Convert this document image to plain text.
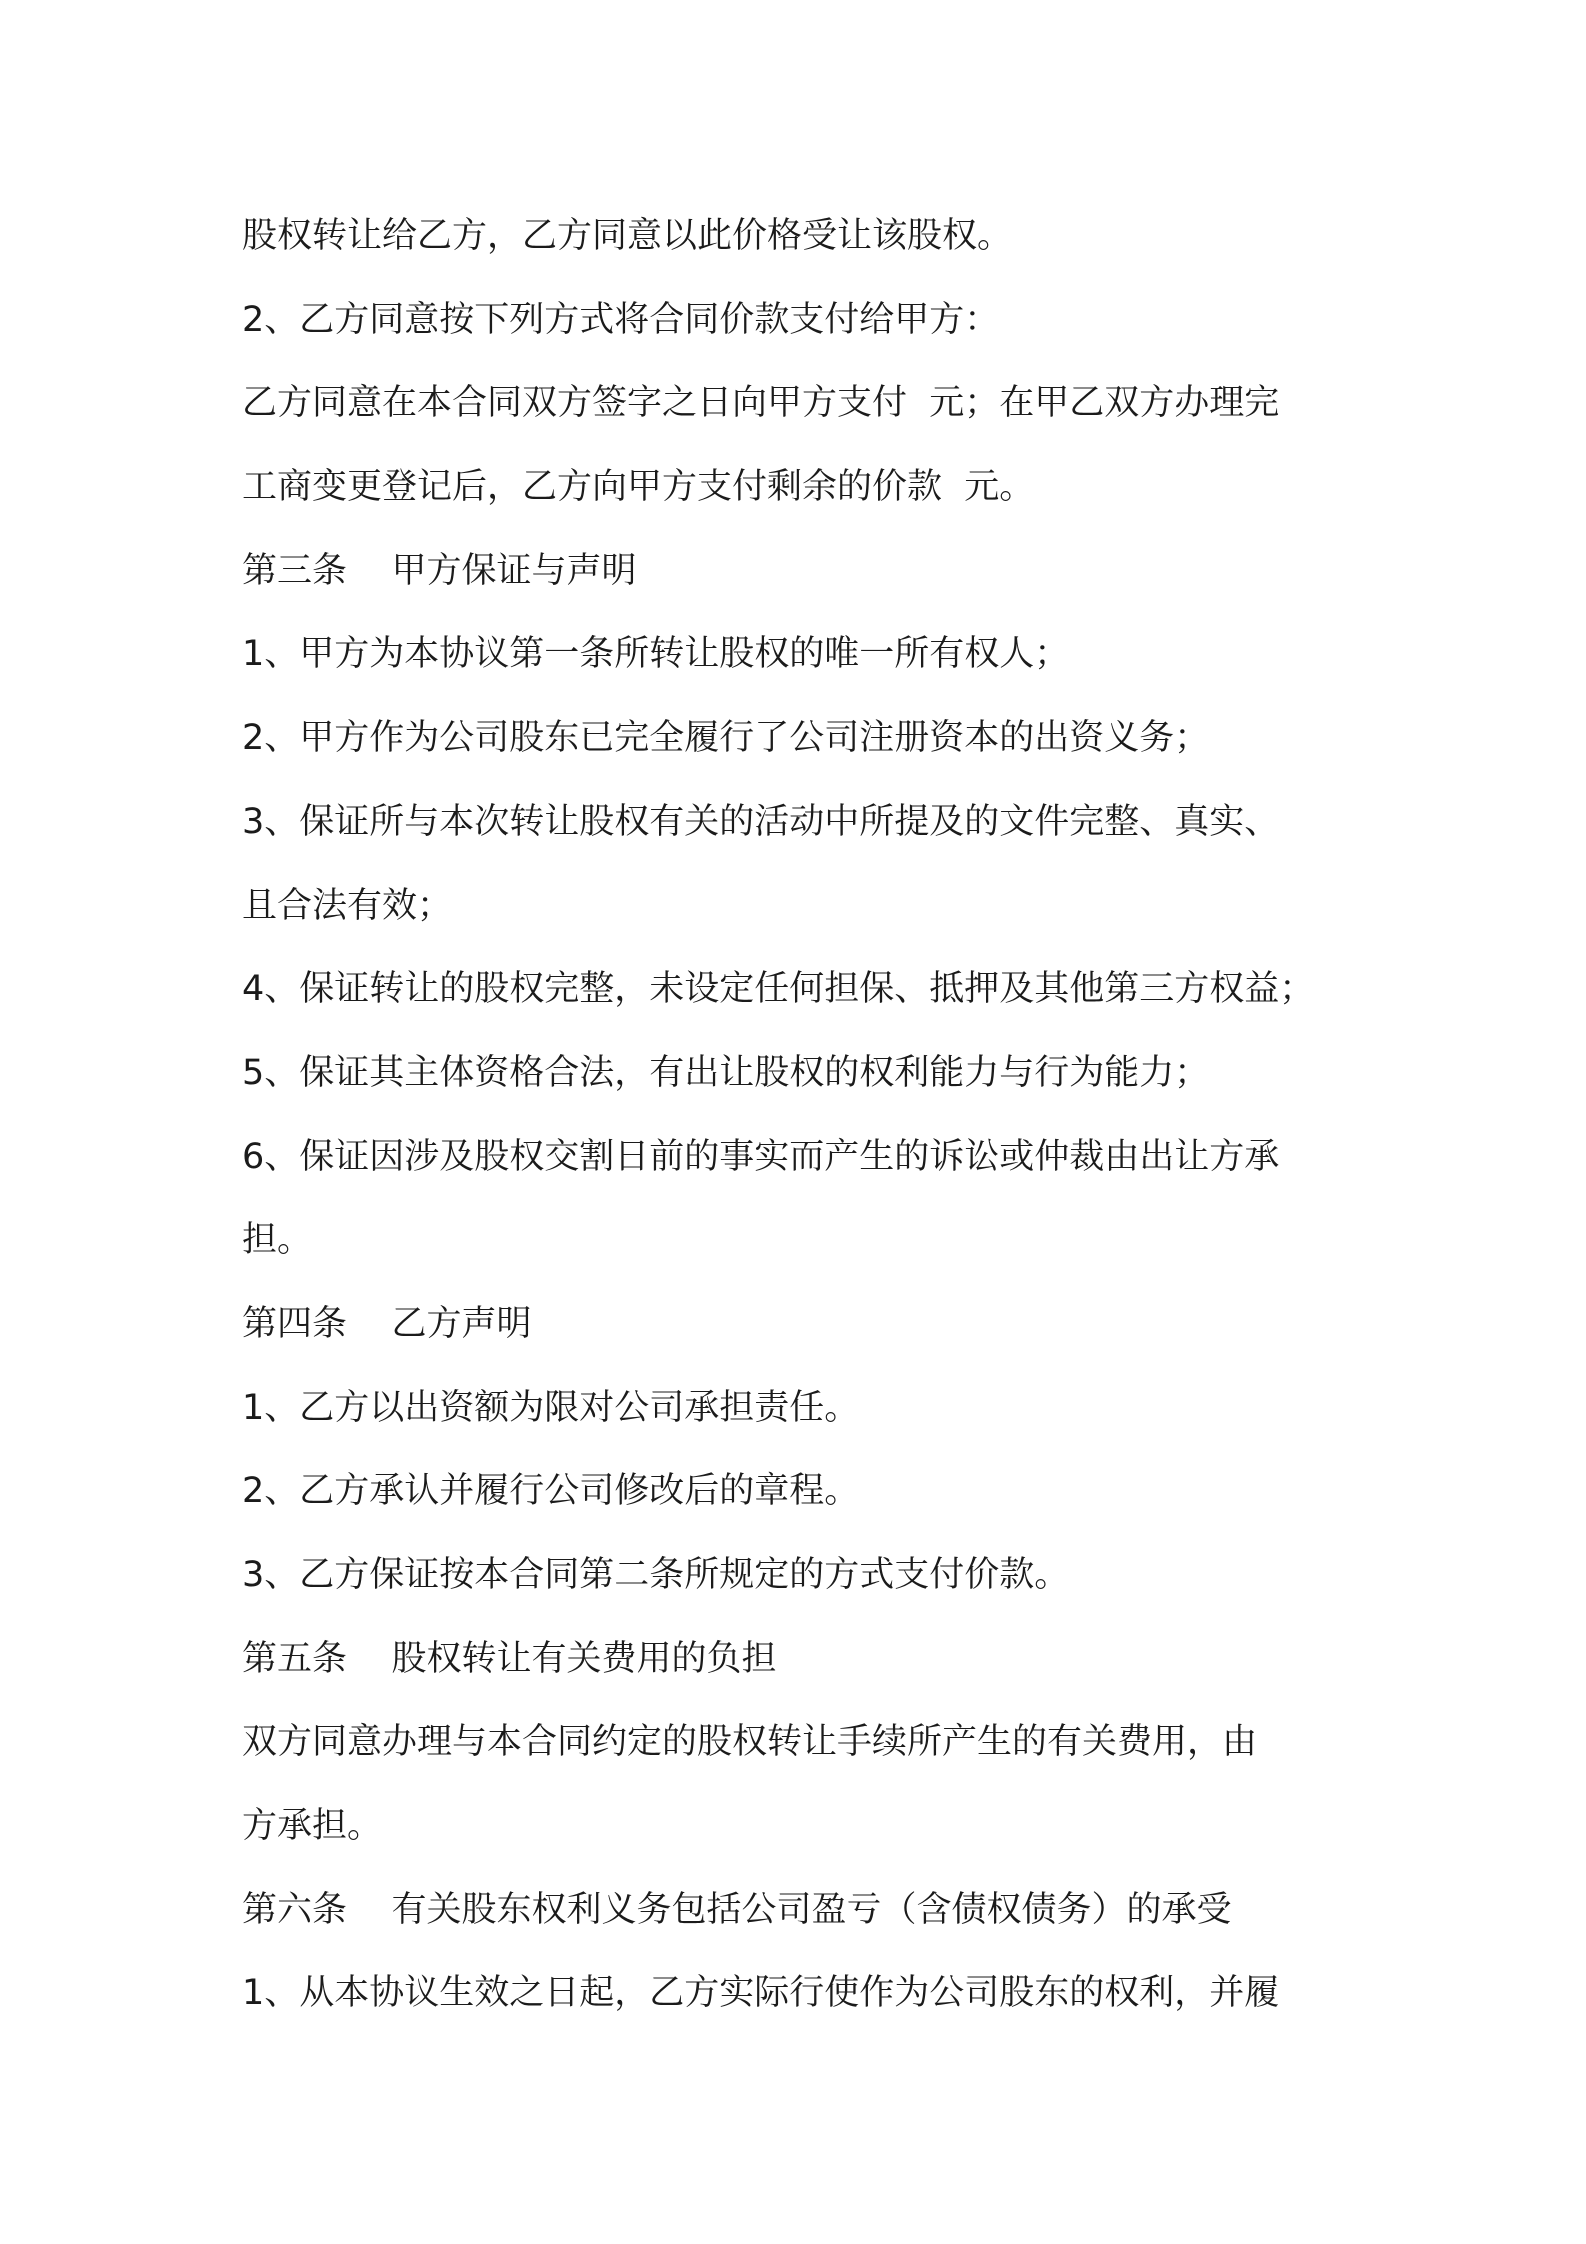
股权转让给乙方，乙方同意以此价格受让该股权。
2、乙方同意按下列方式将合同价款支付给甲方：
乙方同意在本合同双方签字之日向甲方支付  元；在甲乙双方办理完
工商变更登记后，乙方向甲方支付剩余的价款  元。
第三条    甲方保证与声明
1、甲方为本协议第一条所转让股权的唯一所有权人；
2、甲方作为公司股东已完全履行了公司注册资本的出资义务；
3、保证所与本次转让股权有关的活动中所提及的文件完整、真实、
且合法有效；
4、保证转让的股权完整，未设定任何担保、抵押及其他第三方权益；
5、保证其主体资格合法，有出让股权的权利能力与行为能力；
6、保证因涉及股权交割日前的事实而产生的诉讼或仲裁由出让方承
担。
第四条    乙方声明
1、乙方以出资额为限对公司承担责任。
2、乙方承认并履行公司修改后的章程。
3、乙方保证按本合同第二条所规定的方式支付价款。
第五条    股权转让有关费用的负担
双方同意办理与本合同约定的股权转让手续所产生的有关费用，由
方承担。
第六条    有关股东权利义务包括公司盈亏（含债权债务）的承受
1、从本协议生效之日起，乙方实际行使作为公司股东的权利，并履
